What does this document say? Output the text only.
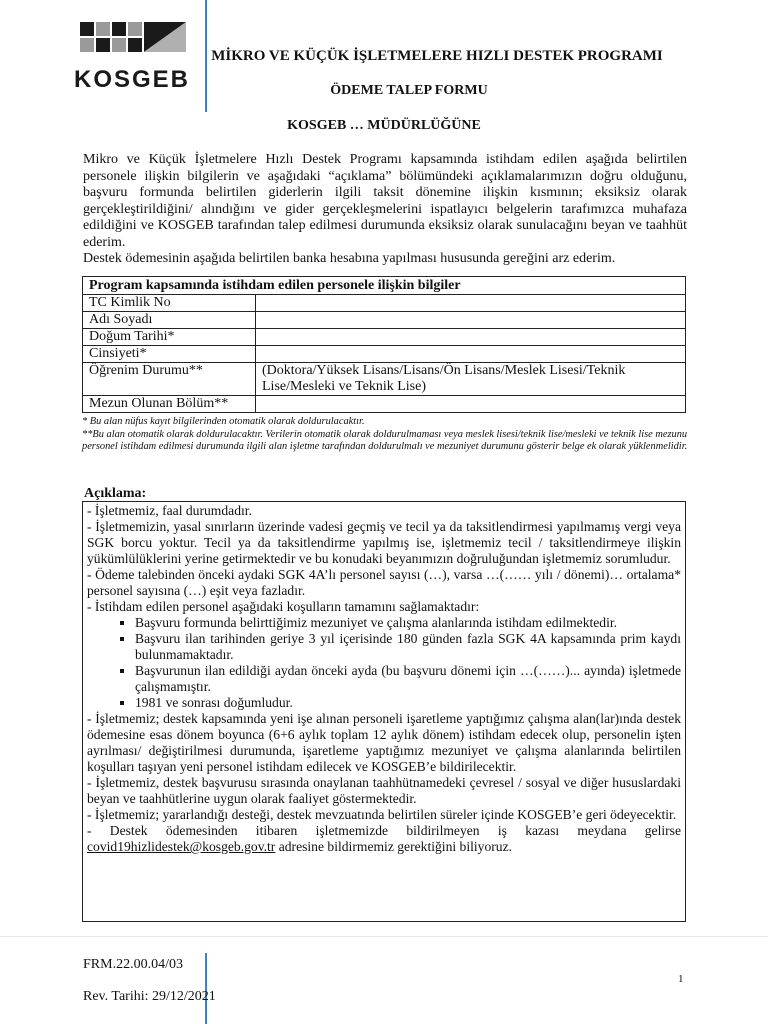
KOSGEB
MİKRO VE KÜÇÜK İŞLETMELERE HIZLI DESTEK PROGRAMI
ÖDEME TALEP FORMU
KOSGEB … MÜDÜRLÜĞÜNE

Mikro ve Küçük İşletmelere Hızlı Destek Programı kapsamında istihdam edilen aşağıda belirtilen personele ilişkin bilgilerin ve aşağıdaki “açıklama” bölümündeki açıklamalarımızın doğru olduğunu, başvuru formunda belirtilen giderlerin ilgili taksit dönemine ilişkin kısmının; eksiksiz olarak gerçekleştirildiğini/ alındığını ve gider gerçekleşmelerini ispatlayıcı belgelerin tarafımızca muhafaza edildiğini ve KOSGEB tarafından talep edilmesi durumunda eksiksiz olarak sunulacağını beyan ve taahhüt ederim.

Destek ödemesinin aşağıda belirtilen banka hesabına yapılması hususunda gereğini arz ederim.

Program kapsamında istihdam edilen personele ilişkin bilgiler	
TC Kimlik No	
Adı Soyadı	
Doğum Tarihi*	
Cinsiyeti*	
Öğrenim Durumu**	(Doktora/Yüksek Lisans/Lisans/Ön Lisans/Meslek Lisesi/Teknik Lise/Mesleki ve Teknik Lise)
Mezun Olunan Bölüm**	

* Bu alan nüfus kayıt bilgilerinden otomatik olarak doldurulacaktır.

**Bu alan otomatik olarak doldurulacaktır. Verilerin otomatik olarak doldurulmaması veya meslek lisesi/teknik lise/mesleki ve teknik lise mezunu personel istihdam edilmesi durumunda ilgili alan işletme tarafından doldurulmalı ve mezuniyet durumunu gösterir belge ek olarak yüklenmelidir.

Açıklama:

- İşletmemiz, faal durumdadır.

- İşletmemizin, yasal sınırların üzerinde vadesi geçmiş ve tecil ya da taksitlendirmesi yapılmamış vergi veya SGK borcu yoktur. Tecil ya da taksitlendirme yapılmış ise, işletmemiz tecil / taksitlendirmeye ilişkin yükümlülüklerini yerine getirmektedir ve bu konudaki beyanımızın doğruluğundan işletmemiz sorumludur.

- Ödeme talebinden önceki aydaki SGK 4A’lı personel sayısı (…), varsa …(…… yılı / dönemi)… ortalama* personel sayısına (…) eşit veya fazladır.

- İstihdam edilen personel aşağıdaki koşulların tamamını sağlamaktadır:

▪ Başvuru formunda belirttiğimiz mezuniyet ve çalışma alanlarında istihdam edilmektedir.
▪ Başvuru ilan tarihinden geriye 3 yıl içerisinde 180 günden fazla SGK 4A kapsamında prim kaydı bulunmamaktadır.
▪ Başvurunun ilan edildiği aydan önceki ayda (bu başvuru dönemi için …(……)... ayında) işletmede çalışmamıştır.
▪ 1981 ve sonrası doğumludur.

- İşletmemiz; destek kapsamında yeni işe alınan personeli işaretleme yaptığımız çalışma alan(lar)ında destek ödemesine esas dönem boyunca (6+6 aylık toplam 12 aylık dönem) istihdam edecek olup, personelin işten ayrılması/ değiştirilmesi durumunda, işaretleme yaptığımız mezuniyet ve çalışma alanlarında belirtilen koşulları taşıyan yeni personel istihdam edilecek ve KOSGEB’e bildirilecektir.

- İşletmemiz, destek başvurusu sırasında onaylanan taahhütnamedeki çevresel / sosyal ve diğer hususlardaki beyan ve taahhütlerine uygun olarak faaliyet göstermektedir.

- İşletmemiz; yararlandığı desteği, destek mevzuatında belirtilen süreler içinde KOSGEB’e geri ödeyecektir.

- Destek ödemesinden itibaren işletmemizde bildirilmeyen iş kazası meydana gelirse covid19hizlidestek@kosgeb.gov.tr adresine bildirmemiz gerektiğini biliyoruz.

FRM.22.00.04/03
Rev. Tarihi: 29/12/2021
1
